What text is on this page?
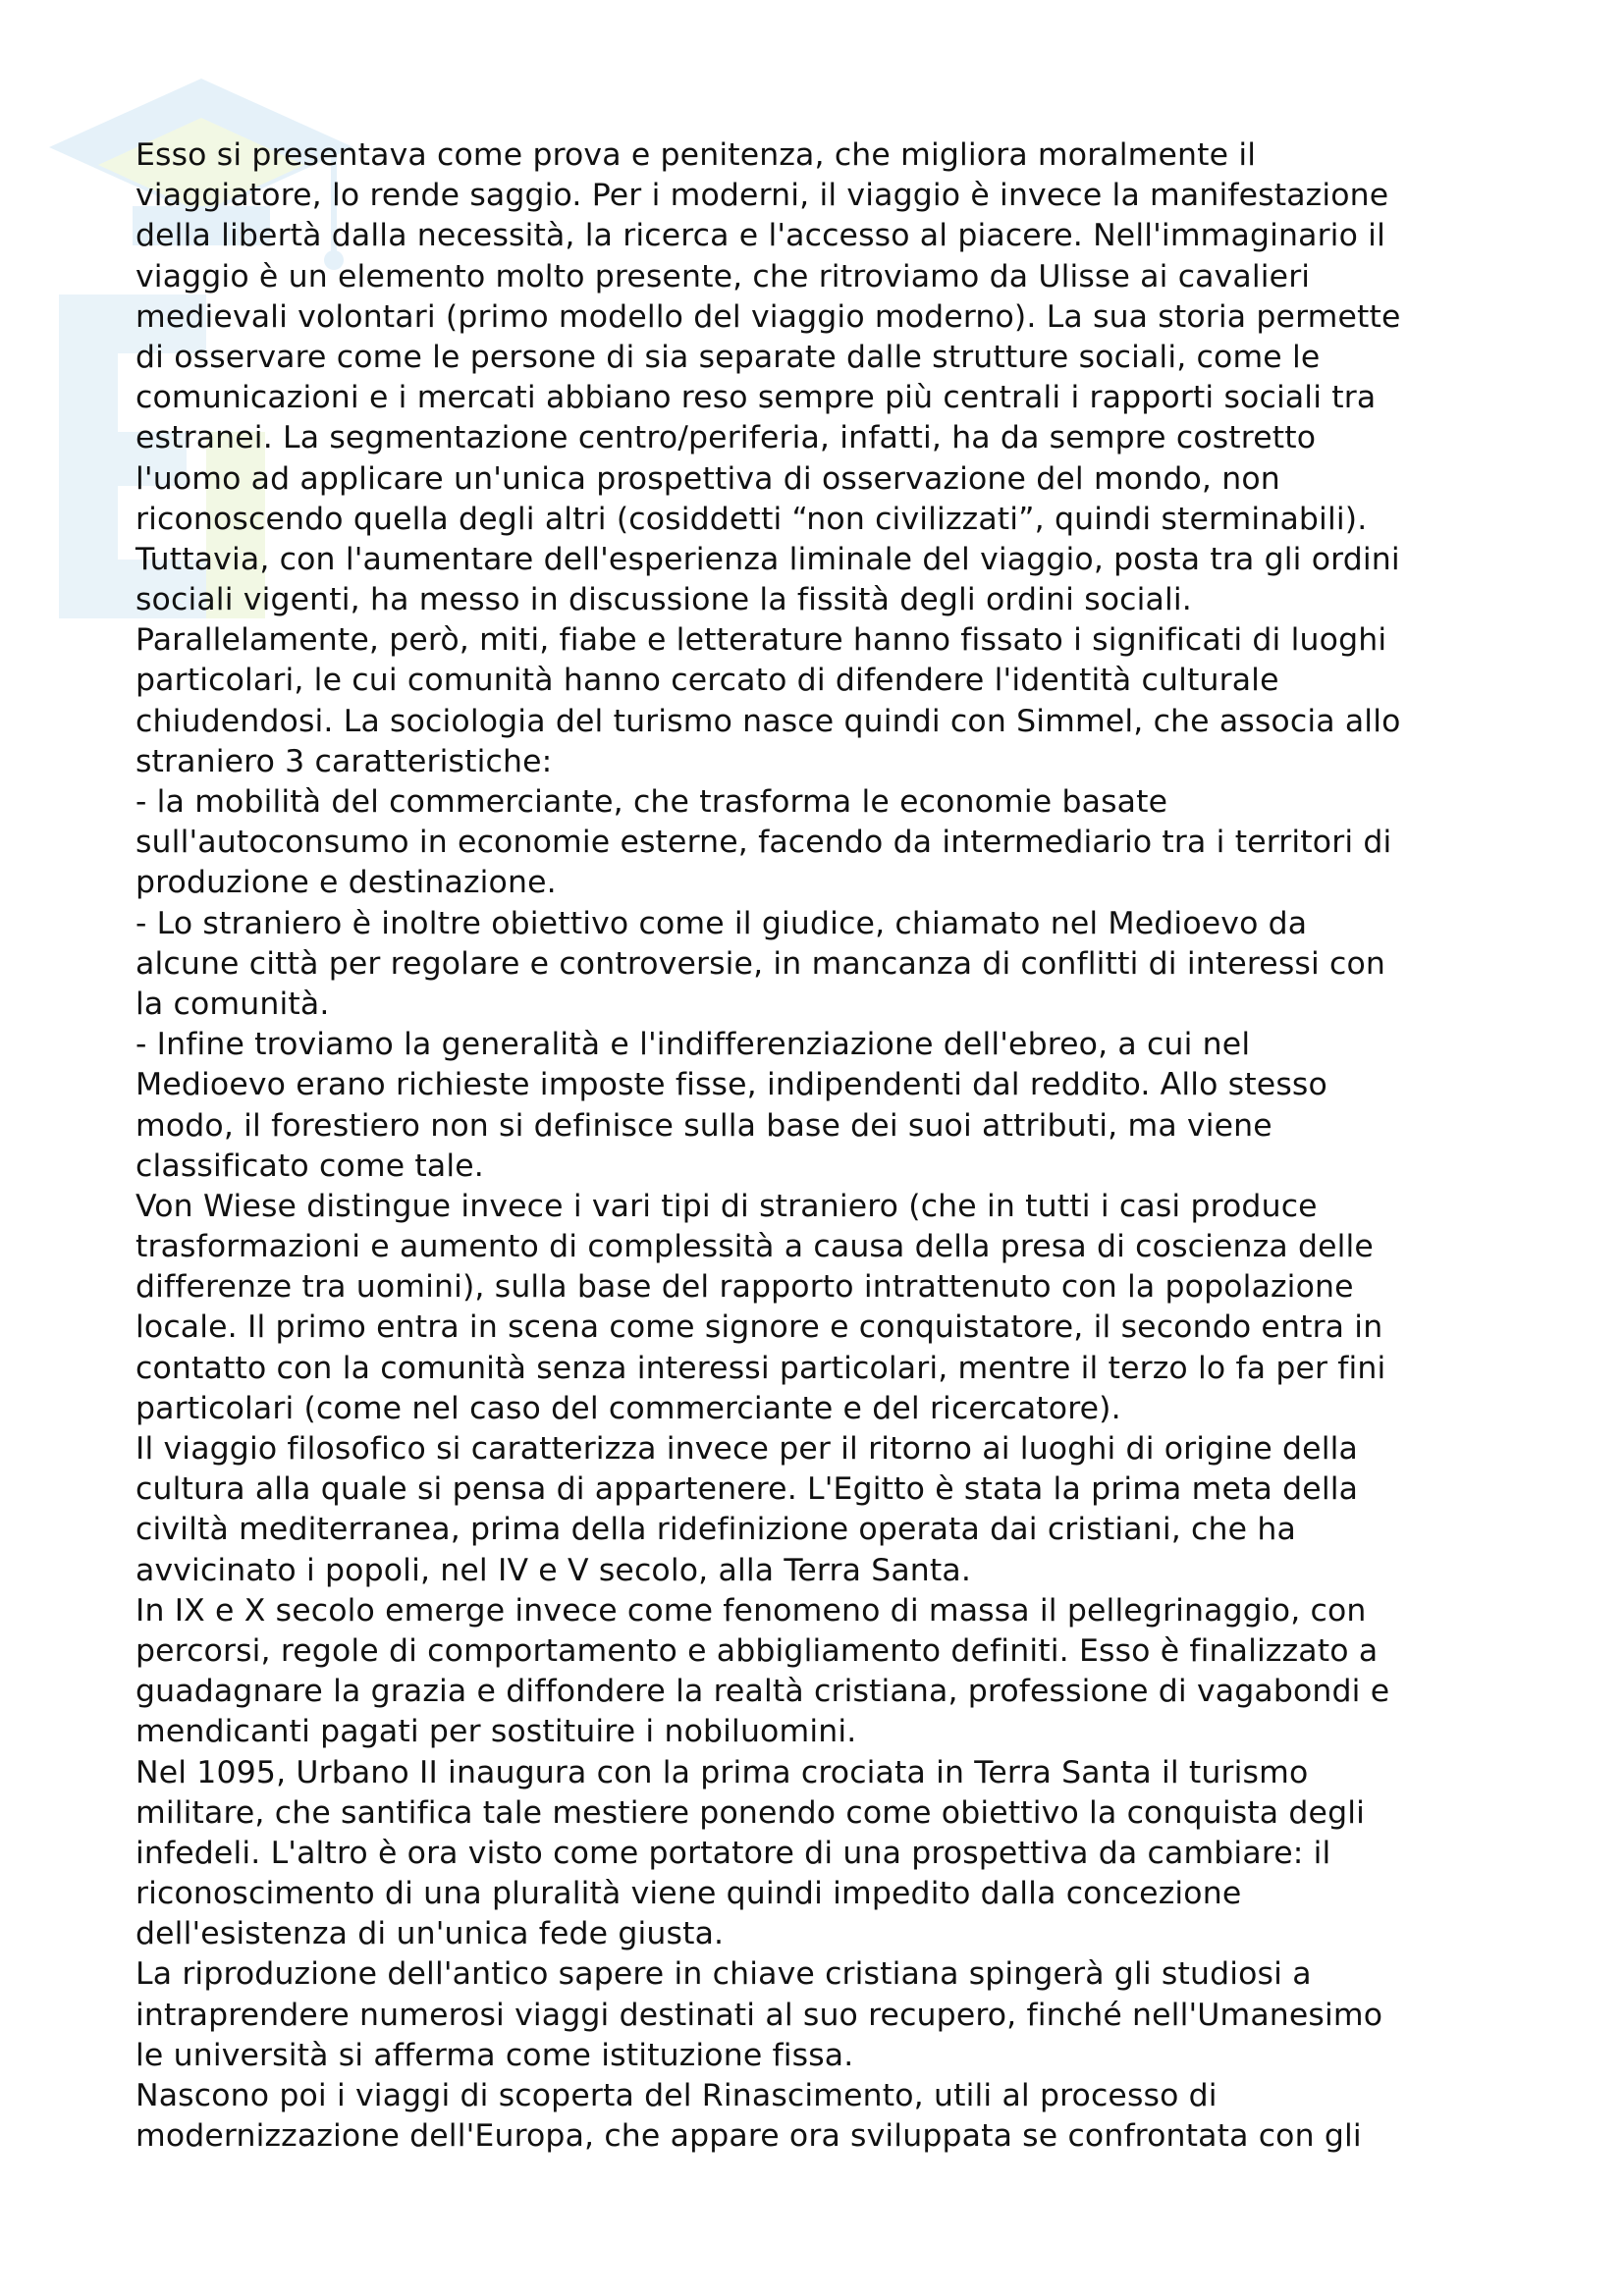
Esso si presentava come prova e penitenza, che migliora moralmente il
viaggiatore, lo rende saggio. Per i moderni, il viaggio è invece la manifestazione
della libertà dalla necessità, la ricerca e l'accesso al piacere. Nell'immaginario il
viaggio è un elemento molto presente, che ritroviamo da Ulisse ai cavalieri
medievali volontari (primo modello del viaggio moderno). La sua storia permette
di osservare come le persone di sia separate dalle strutture sociali, come le
comunicazioni e i mercati abbiano reso sempre più centrali i rapporti sociali tra
estranei. La segmentazione centro/periferia, infatti, ha da sempre costretto
l'uomo ad applicare un'unica prospettiva di osservazione del mondo, non
riconoscendo quella degli altri (cosiddetti “non civilizzati”, quindi sterminabili).
Tuttavia, con l'aumentare dell'esperienza liminale del viaggio, posta tra gli ordini
sociali vigenti, ha messo in discussione la fissità degli ordini sociali.
Parallelamente, però, miti, fiabe e letterature hanno fissato i significati di luoghi
particolari, le cui comunità hanno cercato di difendere l'identità culturale
chiudendosi. La sociologia del turismo nasce quindi con Simmel, che associa allo
straniero 3 caratteristiche:
- la mobilità del commerciante, che trasforma le economie basate
sull'autoconsumo in economie esterne, facendo da intermediario tra i territori di
produzione e destinazione.
- Lo straniero è inoltre obiettivo come il giudice, chiamato nel Medioevo da
alcune città per regolare e controversie, in mancanza di conflitti di interessi con
la comunità.
- Infine troviamo la generalità e l'indifferenziazione dell'ebreo, a cui nel
Medioevo erano richieste imposte fisse, indipendenti dal reddito. Allo stesso
modo, il forestiero non si definisce sulla base dei suoi attributi, ma viene
classificato come tale.
Von Wiese distingue invece i vari tipi di straniero (che in tutti i casi produce
trasformazioni e aumento di complessità a causa della presa di coscienza delle
differenze tra uomini), sulla base del rapporto intrattenuto con la popolazione
locale. Il primo entra in scena come signore e conquistatore, il secondo entra in
contatto con la comunità senza interessi particolari, mentre il terzo lo fa per fini
particolari (come nel caso del commerciante e del ricercatore).
Il viaggio filosofico si caratterizza invece per il ritorno ai luoghi di origine della
cultura alla quale si pensa di appartenere. L'Egitto è stata la prima meta della
civiltà mediterranea, prima della ridefinizione operata dai cristiani, che ha
avvicinato i popoli, nel IV e V secolo, alla Terra Santa.
In IX e X secolo emerge invece come fenomeno di massa il pellegrinaggio, con
percorsi, regole di comportamento e abbigliamento definiti. Esso è finalizzato a
guadagnare la grazia e diffondere la realtà cristiana, professione di vagabondi e
mendicanti pagati per sostituire i nobiluomini.
Nel 1095, Urbano II inaugura con la prima crociata in Terra Santa il turismo
militare, che santifica tale mestiere ponendo come obiettivo la conquista degli
infedeli. L'altro è ora visto come portatore di una prospettiva da cambiare: il
riconoscimento di una pluralità viene quindi impedito dalla concezione
dell'esistenza di un'unica fede giusta.
La riproduzione dell'antico sapere in chiave cristiana spingerà gli studiosi a
intraprendere numerosi viaggi destinati al suo recupero, finché nell'Umanesimo
le università si afferma come istituzione fissa.
Nascono poi i viaggi di scoperta del Rinascimento, utili al processo di
modernizzazione dell'Europa, che appare ora sviluppata se confrontata con gli
